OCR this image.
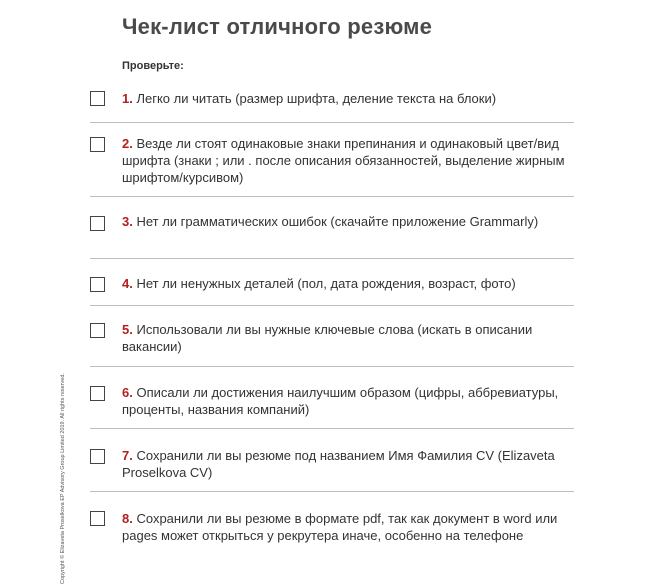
Чек-лист отличного резюме
Проверьте:
Copyright © Elizaveta Proselkova EP Advisory Group Limited 2019. All rights reserved.
1. Легко ли читать (размер шрифта, деление текста на блоки)
2. Везде ли стоят одинаковые знаки препинания и одинаковый цвет/вид шрифта (знаки ; или . после описания обязанностей, выделение жирным шрифтом/курсивом)
3. Нет ли грамматических ошибок (скачайте приложение Grammarly)
4. Нет ли ненужных деталей (пол, дата рождения, возраст, фото)
5. Использовали ли вы нужные ключевые слова (искать в описании вакансии)
6. Описали ли достижения наилучшим образом (цифры, аббревиатуры, проценты, названия компаний)
7. Сохранили ли вы резюме под названием Имя Фамилия CV (Elizaveta Proselkova CV)
8. Сохранили ли вы резюме в формате pdf, так как документ в word или pages может открыться у рекрутера иначе, особенно на телефоне
